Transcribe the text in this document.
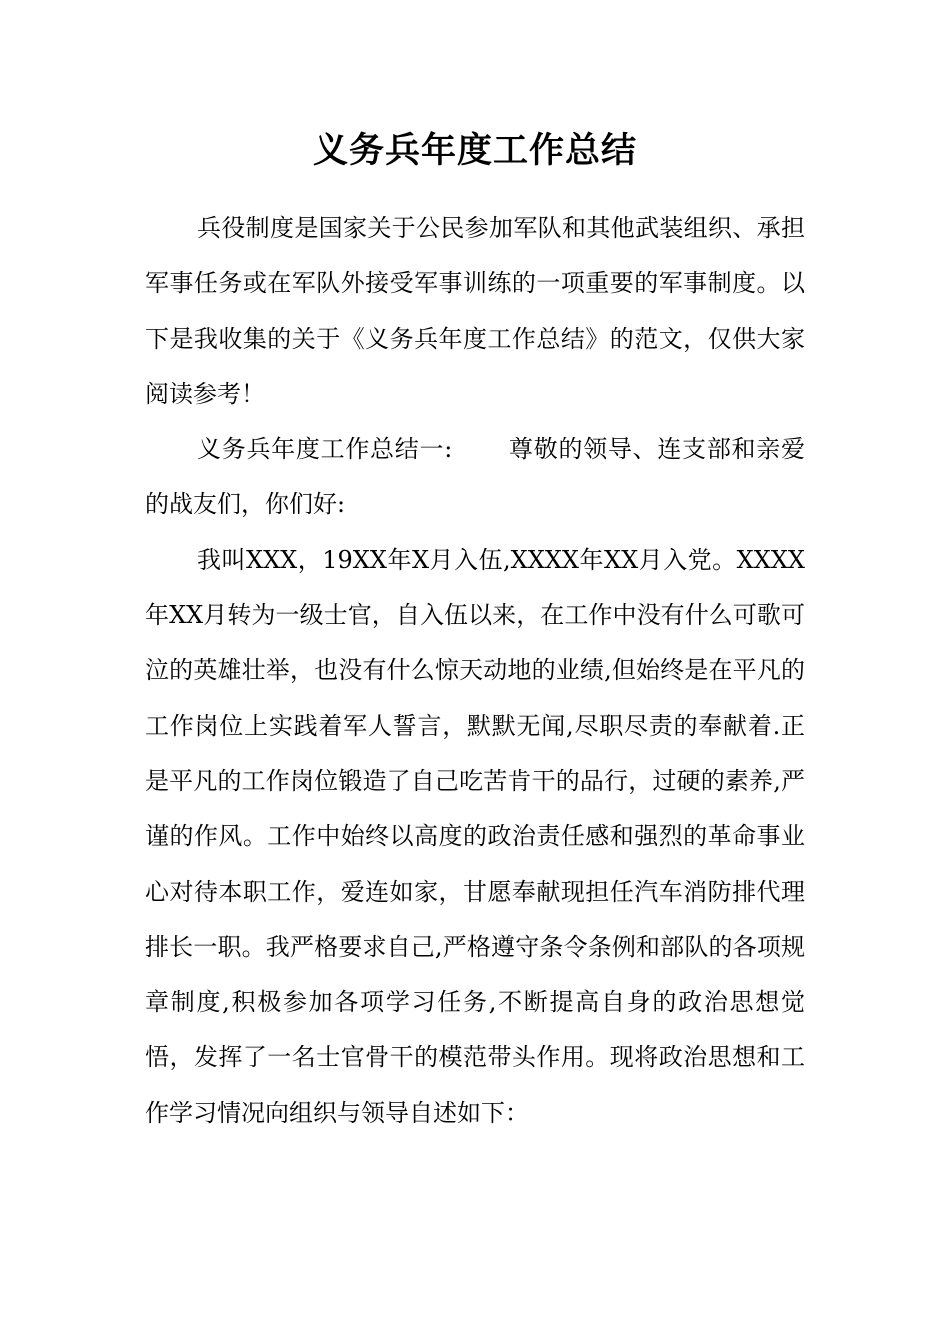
义务兵年度工作总结

兵役制度是国家关于公民参加军队和其他武装组织、承担军事任务或在军队外接受军事训练的一项重要的军事制度。以下是我收集的关于《义务兵年度工作总结》的范文，仅供大家阅读参考！

义务兵年度工作总结一: 尊敬的领导、连支部和亲爱的战友们，你们好:

我叫XXX，19XX年X月入伍,XXXX年XX月入党。XXXX年XX月转为一级士官，自入伍以来，在工作中没有什么可歌可泣的英雄壮举，也没有什么惊天动地的业绩,但始终是在平凡的工作岗位上实践着军人誓言，默默无闻,尽职尽责的奉献着.正是平凡的工作岗位锻造了自己吃苦肯干的品行，过硬的素养,严谨的作风。工作中始终以高度的政治责任感和强烈的革命事业心对待本职工作，爱连如家，甘愿奉献现担任汽车消防排代理排长一职。我严格要求自己,严格遵守条令条例和部队的各项规章制度,积极参加各项学习任务,不断提高自身的政治思想觉悟，发挥了一名士官骨干的模范带头作用。现将政治思想和工作学习情况向组织与领导自述如下：
